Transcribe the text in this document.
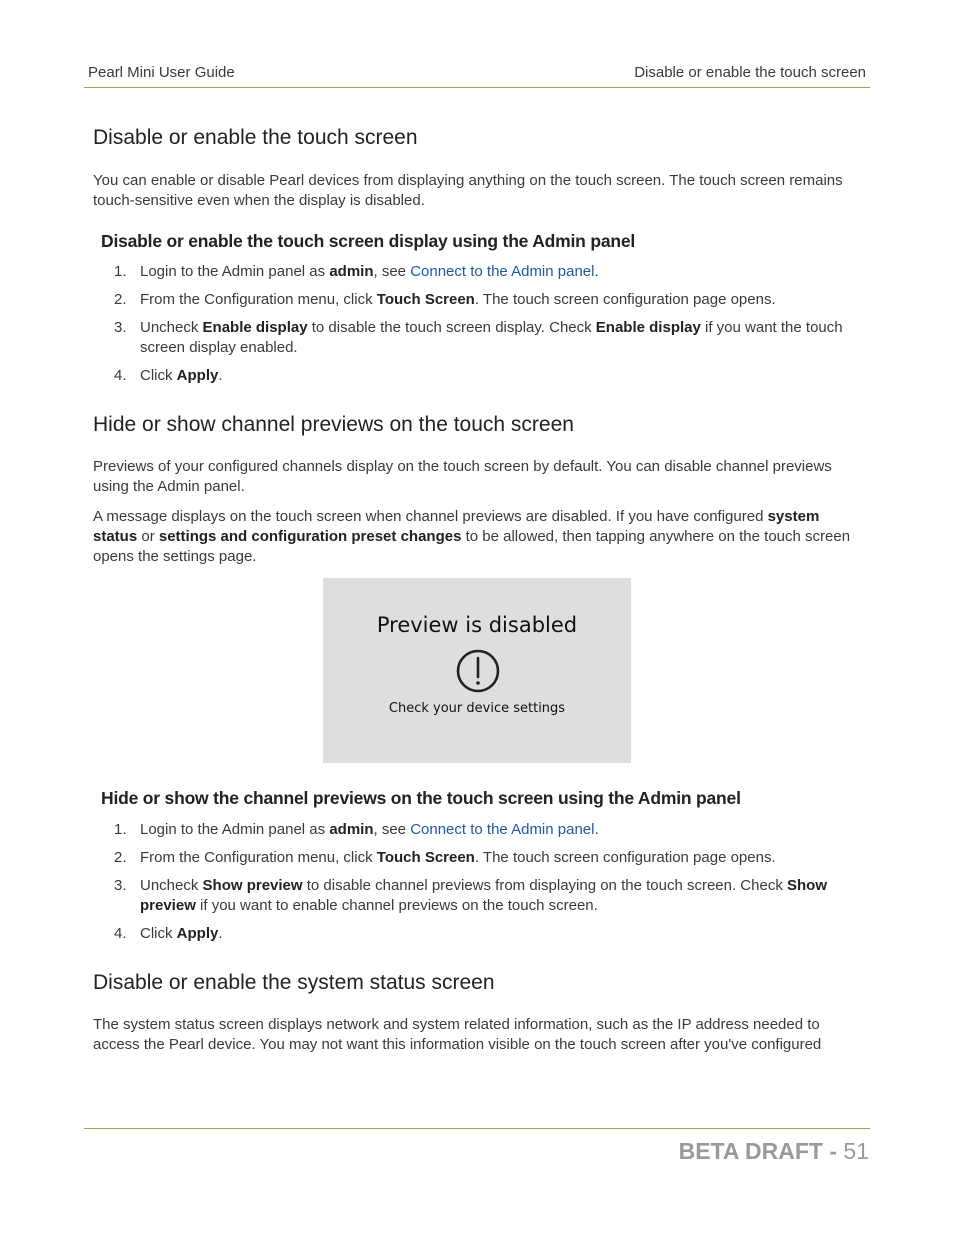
Pearl Mini User Guide	Disable or enable the touch screen
Disable or enable the touch screen

You can enable or disable Pearl devices from displaying anything on the touch screen. The touch screen remains touch-sensitive even when the display is disabled.

Disable or enable the touch screen display using the Admin panel
1. Login to the Admin panel as admin, see Connect to the Admin panel.
2. From the Configuration menu, click Touch Screen. The touch screen configuration page opens.
3. Uncheck Enable display to disable the touch screen display. Check Enable display if you want the touch screen display enabled.
4. Click Apply.
Hide or show channel previews on the touch screen

Previews of your configured channels display on the touch screen by default. You can disable channel previews using the Admin panel.

A message displays on the touch screen when channel previews are disabled. If you have configured system status or settings and configuration preset changes to be allowed, then tapping anywhere on the touch screen opens the settings page.

Preview is disabled
Check your device settings
Hide or show the channel previews on the touch screen using the Admin panel
1. Login to the Admin panel as admin, see Connect to the Admin panel.
2. From the Configuration menu, click Touch Screen. The touch screen configuration page opens.
3. Uncheck Show preview to disable channel previews from displaying on the touch screen. Check Show preview if you want to enable channel previews on the touch screen.
4. Click Apply.
Disable or enable the system status screen

The system status screen displays network and system related information, such as the IP address needed to access the Pearl device. You may not want this information visible on the touch screen after you've configured

BETA DRAFT - 51
